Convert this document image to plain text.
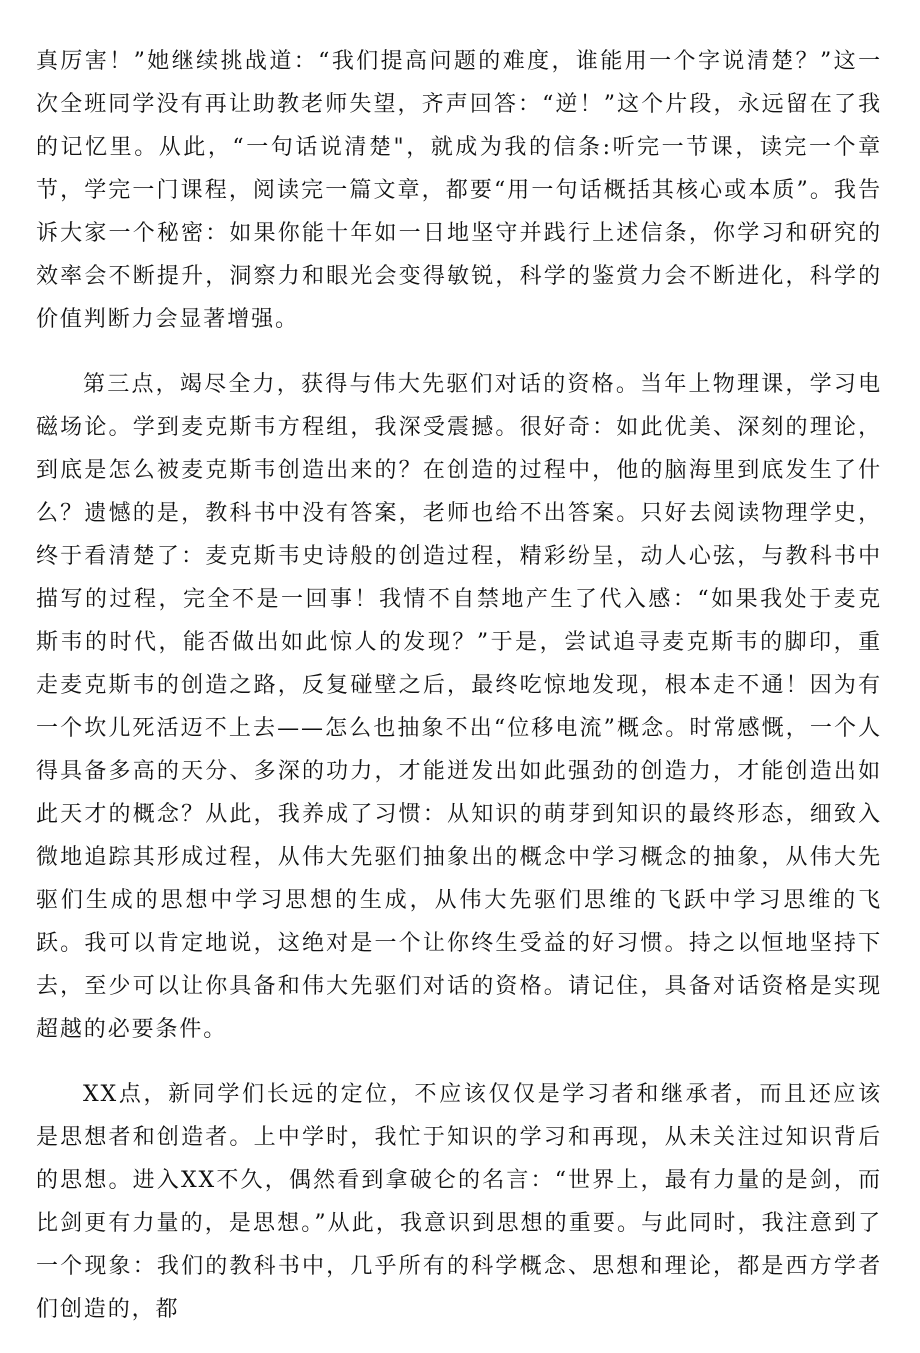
真厉害！”她继续挑战道：“我们提高问题的难度，谁能用一个字说清楚？”这一次全班同学没有再让助教老师失望，齐声回答：“逆！”这个片段，永远留在了我的记忆里。从此，“一句话说清楚"，就成为我的信条:听完一节课，读完一个章节，学完一门课程，阅读完一篇文章，都要“用一句话概括其核心或本质”。我告诉大家一个秘密：如果你能十年如一日地坚守并践行上述信条，你学习和研究的效率会不断提升，洞察力和眼光会变得敏锐，科学的鉴赏力会不断进化，科学的价值判断力会显著增强。

第三点，竭尽全力，获得与伟大先驱们对话的资格。当年上物理课，学习电磁场论。学到麦克斯韦方程组，我深受震撼。很好奇：如此优美、深刻的理论，到底是怎么被麦克斯韦创造出来的？在创造的过程中，他的脑海里到底发生了什么？遗憾的是，教科书中没有答案，老师也给不出答案。只好去阅读物理学史，终于看清楚了：麦克斯韦史诗般的创造过程，精彩纷呈，动人心弦，与教科书中描写的过程，完全不是一回事！我情不自禁地产生了代入感：“如果我处于麦克斯韦的时代，能否做出如此惊人的发现？”于是，尝试追寻麦克斯韦的脚印，重走麦克斯韦的创造之路，反复碰壁之后，最终吃惊地发现，根本走不通！因为有一个坎儿死活迈不上去——怎么也抽象不出“位移电流”概念。时常感慨，一个人得具备多高的天分、多深的功力，才能迸发出如此强劲的创造力，才能创造出如此天才的概念？从此，我养成了习惯：从知识的萌芽到知识的最终形态，细致入微地追踪其形成过程，从伟大先驱们抽象出的概念中学习概念的抽象，从伟大先驱们生成的思想中学习思想的生成，从伟大先驱们思维的飞跃中学习思维的飞跃。我可以肯定地说，这绝对是一个让你终生受益的好习惯。持之以恒地坚持下去，至少可以让你具备和伟大先驱们对话的资格。请记住，具备对话资格是实现超越的必要条件。

XX点，新同学们长远的定位，不应该仅仅是学习者和继承者，而且还应该是思想者和创造者。上中学时，我忙于知识的学习和再现，从未关注过知识背后的思想。进入XX不久，偶然看到拿破仑的名言：“世界上，最有力量的是剑，而比剑更有力量的，是思想。”从此，我意识到思想的重要。与此同时，我注意到了一个现象：我们的教科书中，几乎所有的科学概念、思想和理论，都是西方学者们创造的，都
